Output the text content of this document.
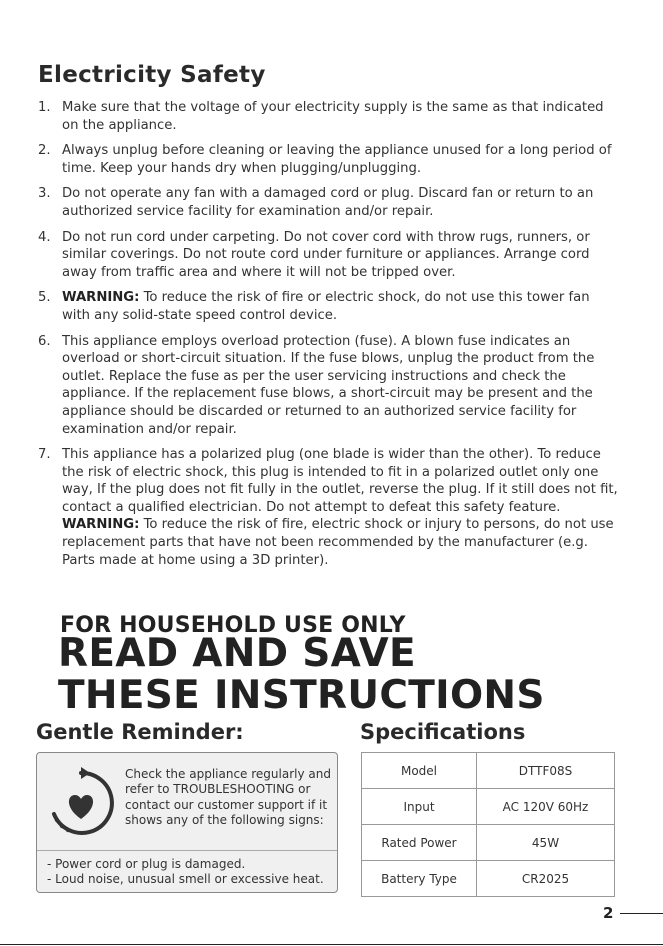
Electricity Safety
1. Make sure that the voltage of your electricity supply is the same as that indicated on the appliance.
2. Always unplug before cleaning or leaving the appliance unused for a long period of time. Keep your hands dry when plugging/unplugging.
3. Do not operate any fan with a damaged cord or plug. Discard fan or return to an authorized service facility for examination and/or repair.
4. Do not run cord under carpeting. Do not cover cord with throw rugs, runners, or similar coverings. Do not route cord under furniture or appliances. Arrange cord away from traffic area and where it will not be tripped over.
5. WARNING: To reduce the risk of fire or electric shock, do not use this tower fan with any solid-state speed control device.
6. This appliance employs overload protection (fuse). A blown fuse indicates an overload or short-circuit situation. If the fuse blows, unplug the product from the outlet. Replace the fuse as per the user servicing instructions and check the appliance. If the replacement fuse blows, a short-circuit may be present and the appliance should be discarded or returned to an authorized service facility for examination and/or repair.
7. This appliance has a polarized plug (one blade is wider than the other). To reduce the risk of electric shock, this plug is intended to fit in a polarized outlet only one way, If the plug does not fit fully in the outlet, reverse the plug. If it still does not fit, contact a qualified electrician. Do not attempt to defeat this safety feature.
WARNING: To reduce the risk of fire, electric shock or injury to persons, do not use replacement parts that have not been recommended by the manufacturer (e.g. Parts made at home using a 3D printer).
FOR HOUSEHOLD USE ONLY
READ AND SAVE
THESE INSTRUCTIONS
Gentle Reminder:	Specifications
Check the appliance regularly and refer to TROUBLESHOOTING or contact our customer support if it shows any of the following signs:
- Power cord or plug is damaged.
- Loud noise, unusual smell or excessive heat.
Model	DTTF08S
Input	AC 120V 60Hz
Rated Power	45W
Battery Type	CR2025
2
